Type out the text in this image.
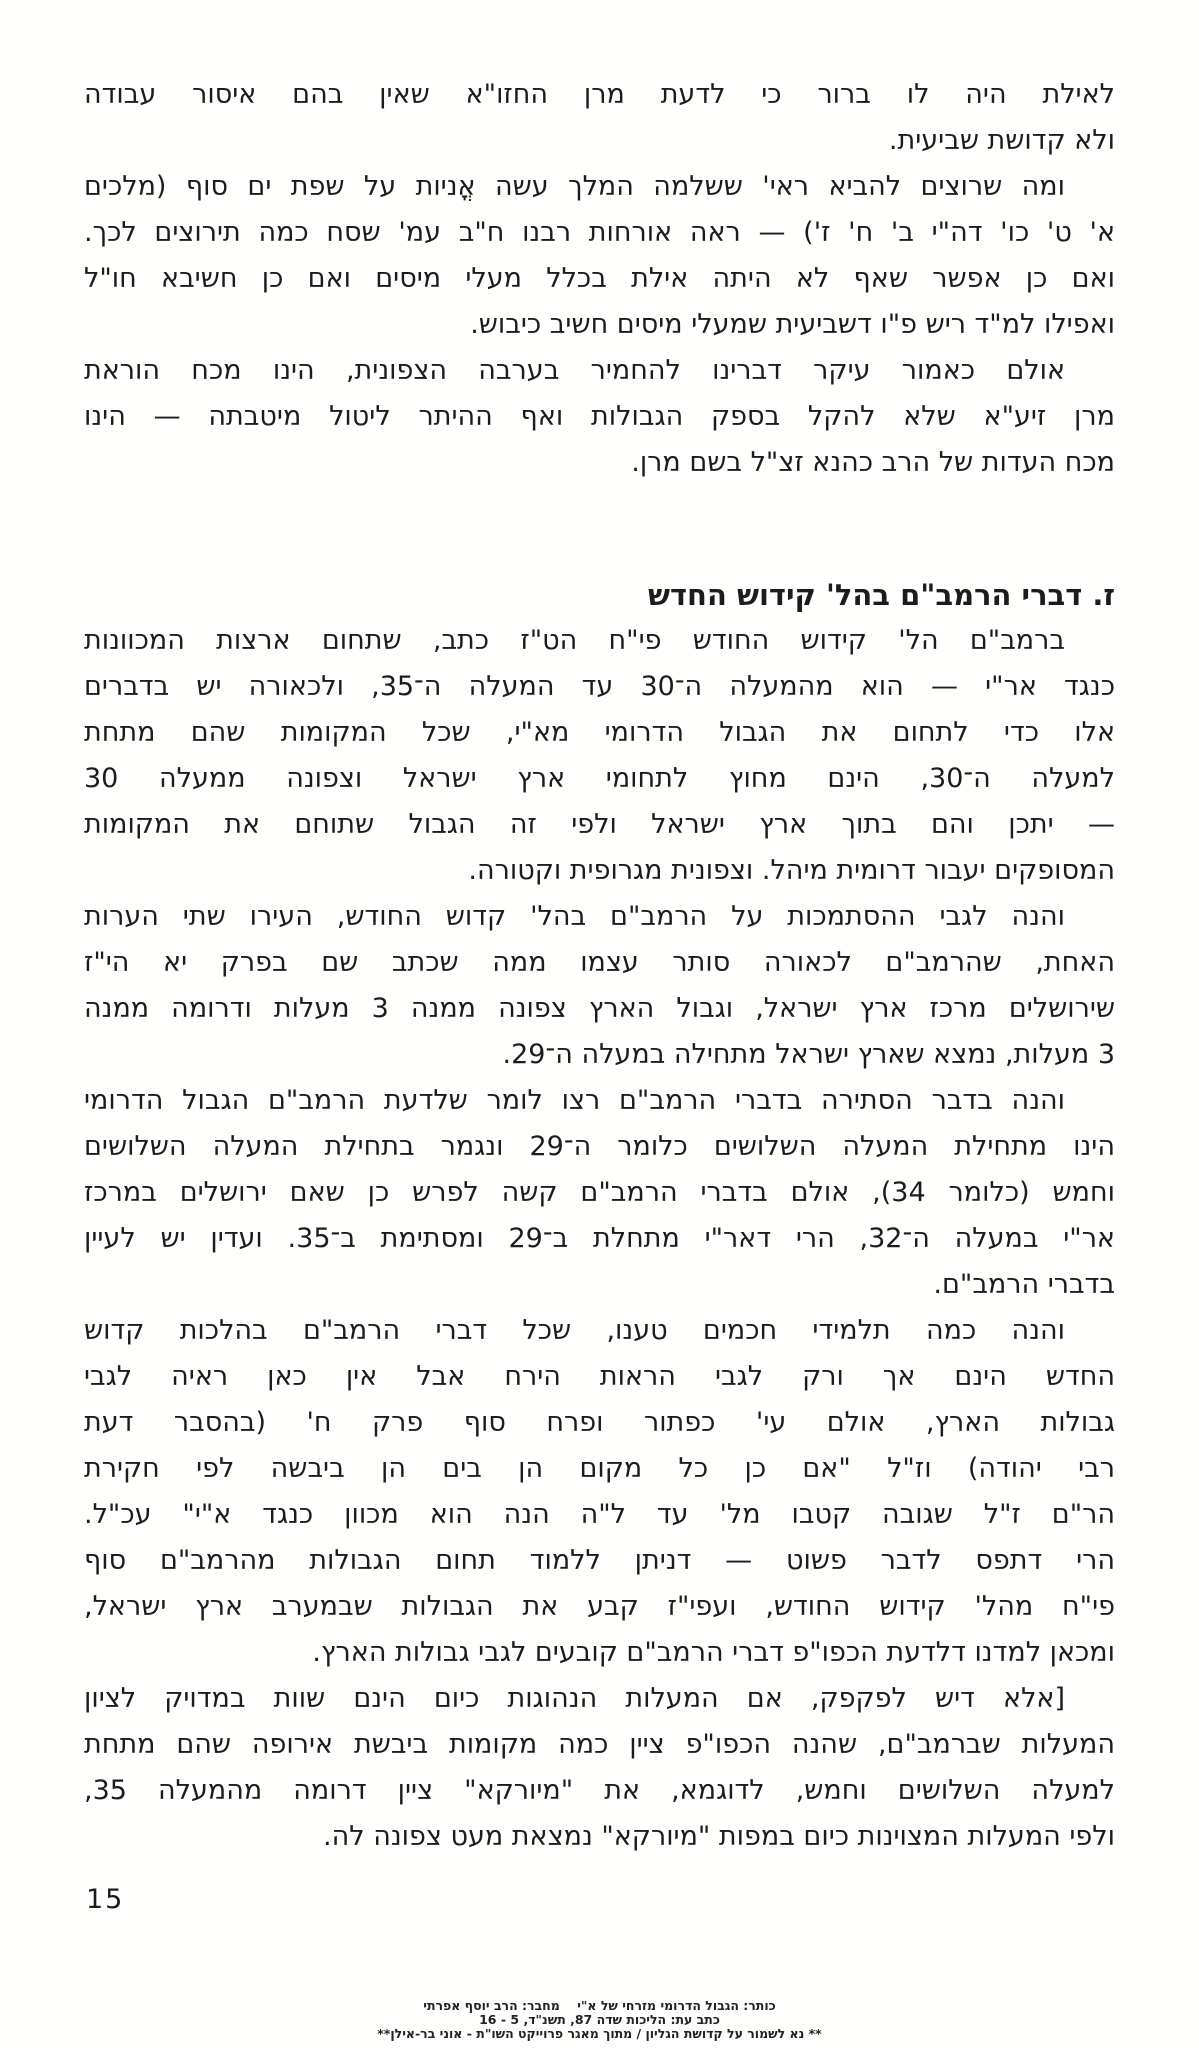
לאילת היה לו ברור כי לדעת מרן החזו"א שאין בהם איסור עבודה

ולא קדושת שביעית.

ומה שרוצים להביא ראי' ששלמה המלך עשה אֳניות על שפת ים סוף (מלכים

א' ט' כו' דה"י ב' ח' ז') — ראה אורחות רבנו ח"ב עמ' שסח כמה תירוצים לכך.

ואם כן אפשר שאף לא היתה אילת בכלל מעלי מיסים ואם כן חשיבא חו"ל

ואפילו למ"ד ריש פ"ו דשביעית שמעלי מיסים חשיב כיבוש.

אולם כאמור עיקר דברינו להחמיר בערבה הצפונית, הינו מכח הוראת

מרן זיע"א שלא להקל בספק הגבולות ואף ההיתר ליטול מיטבתה — הינו

מכח העדות של הרב כהנא זצ"ל בשם מרן.

ז. דברי הרמב"ם בהל' קידוש החדש

ברמב"ם הל' קידוש החודש פי"ח הט"ז כתב, שתחום ארצות המכוונות

כנגד אר"י — הוא מהמעלה ה־30 עד המעלה ה־35, ולכאורה יש בדברים

אלו כדי לתחום את הגבול הדרומי מא"י, שכל המקומות שהם מתחת

למעלה ה־30, הינם מחוץ לתחומי ארץ ישראל וצפונה ממעלה 30

— יתכן והם בתוך ארץ ישראל ולפי זה הגבול שתוחם את המקומות

המסופקים יעבור דרומית מיהל. וצפונית מגרופית וקטורה.

והנה לגבי ההסתמכות על הרמב"ם בהל' קדוש החודש, העירו שתי הערות

האחת, שהרמב"ם לכאורה סותר עצמו ממה שכתב שם בפרק יא הי"ז

שירושלים מרכז ארץ ישראל, וגבול הארץ צפונה ממנה 3 מעלות ודרומה ממנה

3 מעלות, נמצא שארץ ישראל מתחילה במעלה ה־29.

והנה בדבר הסתירה בדברי הרמב"ם רצו לומר שלדעת הרמב"ם הגבול הדרומי

הינו מתחילת המעלה השלושים כלומר ה־29 ונגמר בתחילת המעלה השלושים

וחמש (כלומר 34), אולם בדברי הרמב"ם קשה לפרש כן שאם ירושלים במרכז

אר"י במעלה ה־32, הרי דאר"י מתחלת ב־29 ומסתימת ב־35. ועדין יש לעיין

בדברי הרמב"ם.

והנה כמה תלמידי חכמים טענו, שכל דברי הרמב"ם בהלכות קדוש

החדש הינם אך ורק לגבי הראות הירח אבל אין כאן ראיה לגבי

גבולות הארץ, אולם עי' כפתור ופרח סוף פרק ח' (בהסבר דעת

רבי יהודה) וז"ל "אם כן כל מקום הן בים הן ביבשה לפי חקירת

הר"ם ז"ל שגובה קטבו מל' עד ל"ה הנה הוא מכוון כנגד א"י" עכ"ל.

הרי דתפס לדבר פשוט — דניתן ללמוד תחום הגבולות מהרמב"ם סוף

פי"ח מהל' קידוש החודש, ועפי"ז קבע את הגבולות שבמערב ארץ ישראל,

ומכאן למדנו דלדעת הכפו"פ דברי הרמב"ם קובעים לגבי גבולות הארץ.

[אלא דיש לפקפק, אם המעלות הנהוגות כיום הינם שוות במדויק לציון

המעלות שברמב"ם, שהנה הכפו"פ ציין כמה מקומות ביבשת אירופה שהם מתחת

למעלה השלושים וחמש, לדוגמא, את "מיורקא" ציין דרומה מהמעלה 35,

ולפי המעלות המצוינות כיום במפות "מיורקא" נמצאת מעט צפונה לה.

15
כותר: הגבול הדרומי מזרחי של א"י    מחבר: הרב יוסף אפרתי
כתב עת: הליכות שדה 87, תשנ"ד, 5 - 16
** נא לשמור על קדושת הגליון / מתוך מאגר פרוייקט השו"ת - אוני בר-אילן**
